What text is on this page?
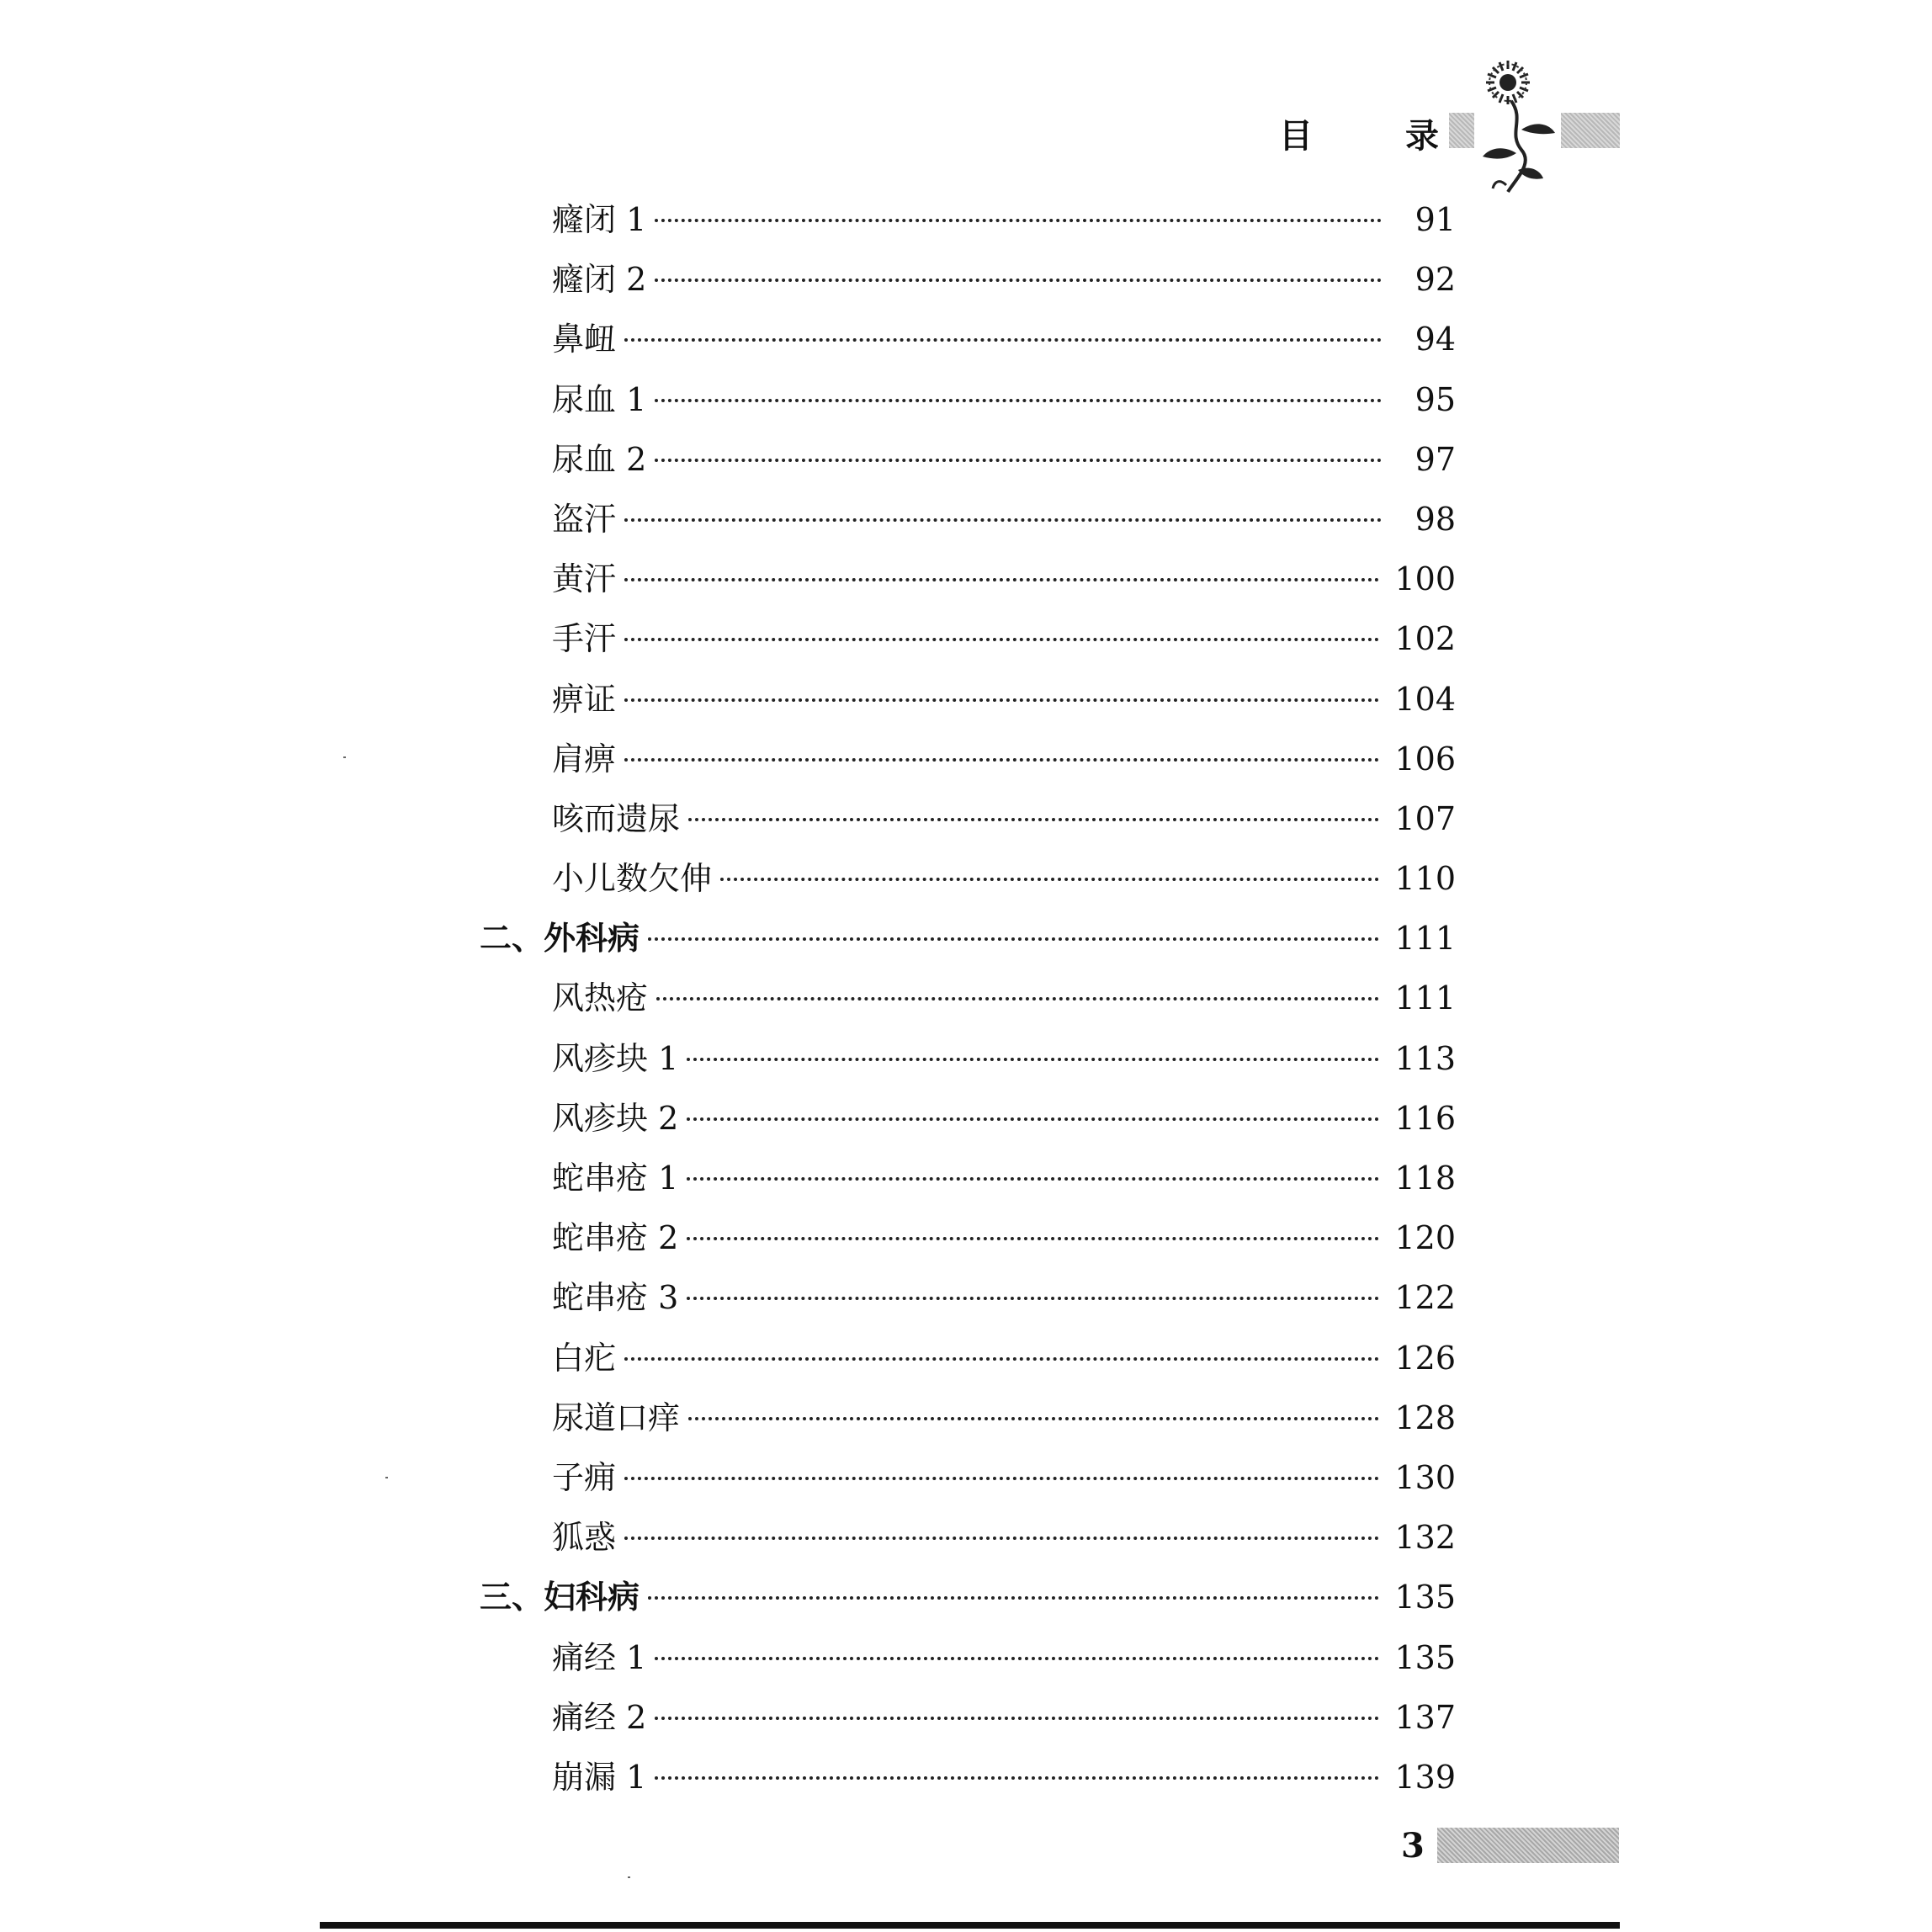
目	录
癃闭 1	91
癃闭 2	92
鼻衄	94
尿血 1	95
尿血 2	97
盗汗	98
黄汗	100
手汗	102
痹证	104
肩痹	106
咳而遗尿	107
小儿数欠伸	110
二、外科病	111
风热疮	111
风疹块 1	113
风疹块 2	116
蛇串疮 1	118
蛇串疮 2	120
蛇串疮 3	122
白疕	126
尿道口痒	128
子痈	130
狐惑	132
三、妇科病	135
痛经 1	135
痛经 2	137
崩漏 1	139
3
